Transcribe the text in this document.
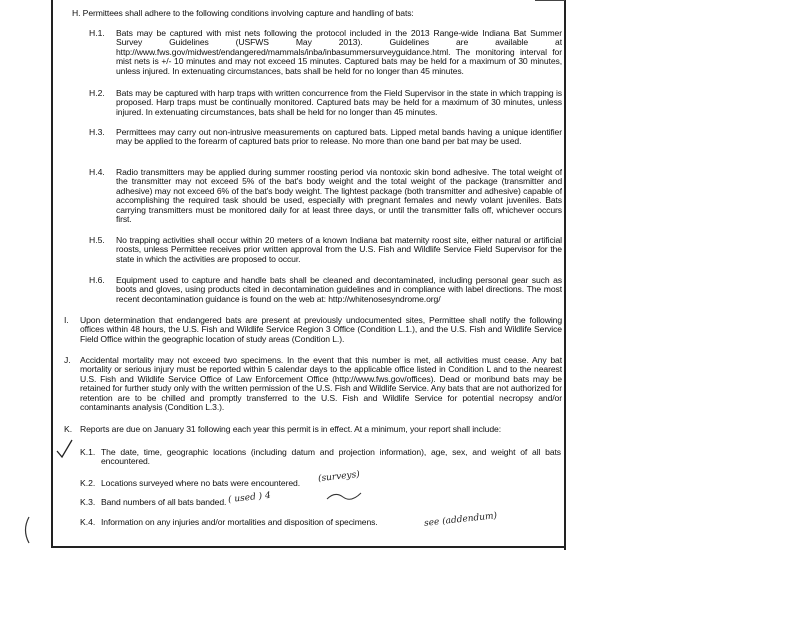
H. Permittees shall adhere to the following conditions involving capture and handling of bats:
H.1. Bats may be captured with mist nets following the protocol included in the 2013 Range-wide Indiana Bat Summer Survey Guidelines (USFWS May 2013). Guidelines are available at http://www.fws.gov/midwest/endangered/mammals/inba/inbasummersurveyguidance.html. The monitoring interval for mist nets is +/- 10 minutes and may not exceed 15 minutes. Captured bats may be held for a maximum of 30 minutes, unless injured. In extenuating circumstances, bats shall be held for no longer than 45 minutes.
H.2. Bats may be captured with harp traps with written concurrence from the Field Supervisor in the state in which trapping is proposed. Harp traps must be continually monitored. Captured bats may be held for a maximum of 30 minutes, unless injured. In extenuating circumstances, bats shall be held for no longer than 45 minutes.
H.3. Permittees may carry out non-intrusive measurements on captured bats. Lipped metal bands having a unique identifier may be applied to the forearm of captured bats prior to release. No more than one band per bat may be used.
H.4. Radio transmitters may be applied during summer roosting period via nontoxic skin bond adhesive. The total weight of the transmitter may not exceed 5% of the bat's body weight and the total weight of the package (transmitter and adhesive) may not exceed 6% of the bat's body weight. The lightest package (both transmitter and adhesive) capable of accomplishing the required task should be used, especially with pregnant females and newly volant juveniles. Bats carrying transmitters must be monitored daily for at least three days, or until the transmitter falls off, whichever occurs first.
H.5. No trapping activities shall occur within 20 meters of a known Indiana bat maternity roost site, either natural or artificial roosts, unless Permittee receives prior written approval from the U.S. Fish and Wildlife Service Field Supervisor for the state in which the activities are proposed to occur.
H.6. Equipment used to capture and handle bats shall be cleaned and decontaminated, including personal gear such as boots and gloves, using products cited in decontamination guidelines and in compliance with label directions. The most recent decontamination guidance is found on the web at: http://whitenosesyndrome.org/
I. Upon determination that endangered bats are present at previously undocumented sites, Permittee shall notify the following offices within 48 hours, the U.S. Fish and Wildlife Service Region 3 Office (Condition L.1.), and the U.S. Fish and Wildlife Service Field Office within the geographic location of study areas (Condition L.).
J. Accidental mortality may not exceed two specimens. In the event that this number is met, all activities must cease. Any bat mortality or serious injury must be reported within 5 calendar days to the applicable office listed in Condition L and to the nearest U.S. Fish and Wildlife Service Office of Law Enforcement Office (http://www.fws.gov/offices). Dead or moribund bats may be retained for further study only with the written permission of the U.S. Fish and Wildlife Service. Any bats that are not authorized for retention are to be chilled and promptly transferred to the U.S. Fish and Wildlife Service for potential necropsy and/or contaminants analysis (Condition L.3.).
K. Reports are due on January 31 following each year this permit is in effect. At a minimum, your report shall include:
K.1. The date, time, geographic locations (including datum and projection information), age, sex, and weight of all bats encountered.
K.2. Locations surveyed where no bats were encountered.
K.3. Band numbers of all bats banded.
K.4. Information on any injuries and/or mortalities and disposition of specimens.
(surveys)
( used ) 4
see (addendum)
